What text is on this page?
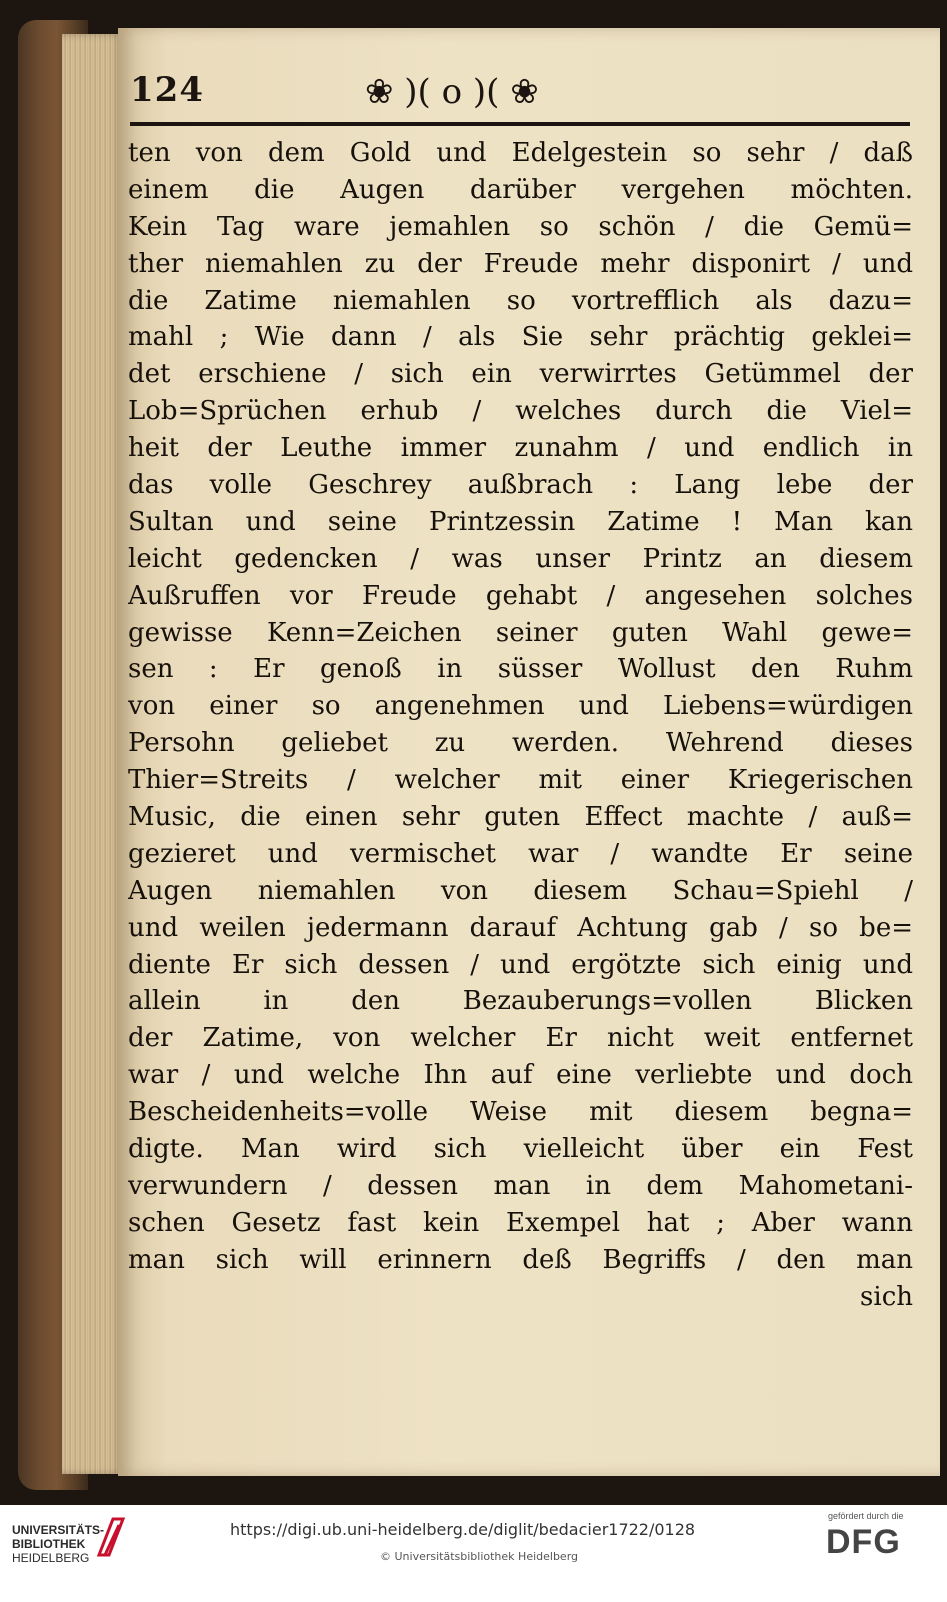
124	❀ )( o )( ❀
ten von dem Gold und Edelgestein so sehr / daß
einem die Augen darüber vergehen möchten.
Kein Tag ware jemahlen so schön / die Gemü=
ther niemahlen zu der Freude mehr disponirt / und
die Zatime niemahlen so vortrefflich als dazu=
mahl ; Wie dann / als Sie sehr prächtig geklei=
det erschiene / sich ein verwirrtes Getümmel der
Lob=Sprüchen erhub / welches durch die Viel=
heit der Leuthe immer zunahm / und endlich in
das volle Geschrey außbrach : Lang lebe der
Sultan und seine Printzessin Zatime ! Man kan
leicht gedencken / was unser Printz an diesem
Außruffen vor Freude gehabt / angesehen solches
gewisse Kenn=Zeichen seiner guten Wahl gewe=
sen : Er genoß in süsser Wollust den Ruhm
von einer so angenehmen und Liebens=würdigen
Persohn geliebet zu werden. Wehrend dieses
Thier=Streits / welcher mit einer Kriegerischen
Music, die einen sehr guten Effect machte / auß=
gezieret und vermischet war / wandte Er seine
Augen niemahlen von diesem Schau=Spiehl /
und weilen jedermann darauf Achtung gab / so be=
diente Er sich dessen / und ergötzte sich einig und
allein in den Bezauberungs=vollen Blicken
der Zatime, von welcher Er nicht weit entfernet
war / und welche Ihn auf eine verliebte und doch
Bescheidenheits=volle Weise mit diesem begna=
digte. Man wird sich vielleicht über ein Fest
verwundern / dessen man in dem Mahometani-
schen Gesetz fast kein Exempel hat ; Aber wann
man sich will erinnern deß Begriffs / den man
sich
UNIVERSITÄTS-
BIBLIOTHEK
HEIDELBERG
https://digi.ub.uni-heidelberg.de/diglit/bedacier1722/0128
© Universitätsbibliothek Heidelberg
gefördert durch die
DFG
